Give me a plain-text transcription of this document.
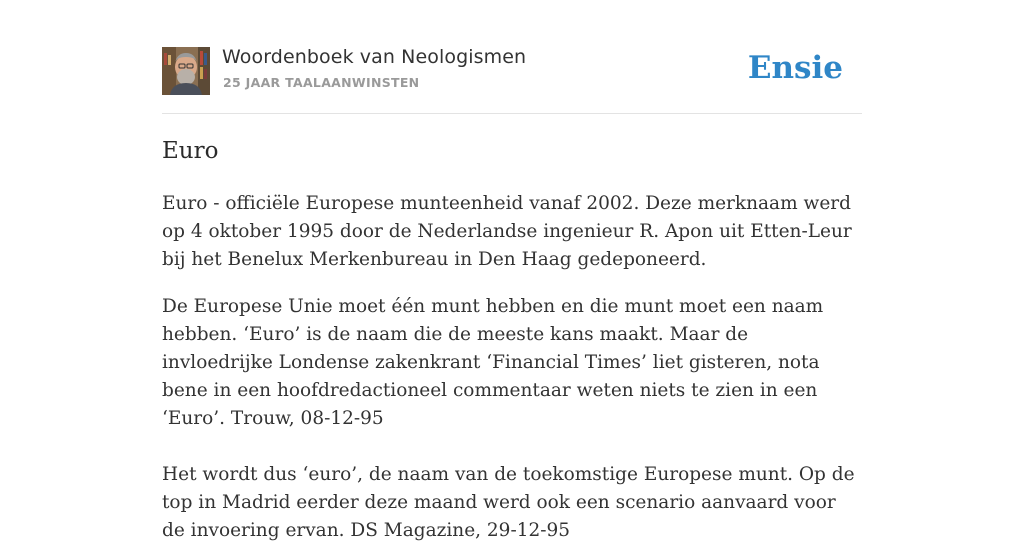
Woordenboek van Neologismen
25 JAAR TAALAANWINSTEN	Ensie
Euro

Euro - officiële Europese munteenheid vanaf 2002. Deze merknaam werd op 4 oktober 1995 door de Nederlandse ingenieur R. Apon uit Etten-Leur bij het Benelux Merkenbureau in Den Haag gedeponeerd.

De Europese Unie moet één munt hebben en die munt moet een naam hebben. ‘Euro’ is de naam die de meeste kans maakt. Maar de invloedrijke Londense zakenkrant ‘Financial Times’ liet gisteren, nota bene in een hoofdredactioneel commentaar weten niets te zien in een ‘Euro’. Trouw, 08-12-95

Het wordt dus ‘euro’, de naam van de toekomstige Europese munt. Op de top in Madrid eerder deze maand werd ook een scenario aanvaard voor de invoering ervan. DS Magazine, 29-12-95
